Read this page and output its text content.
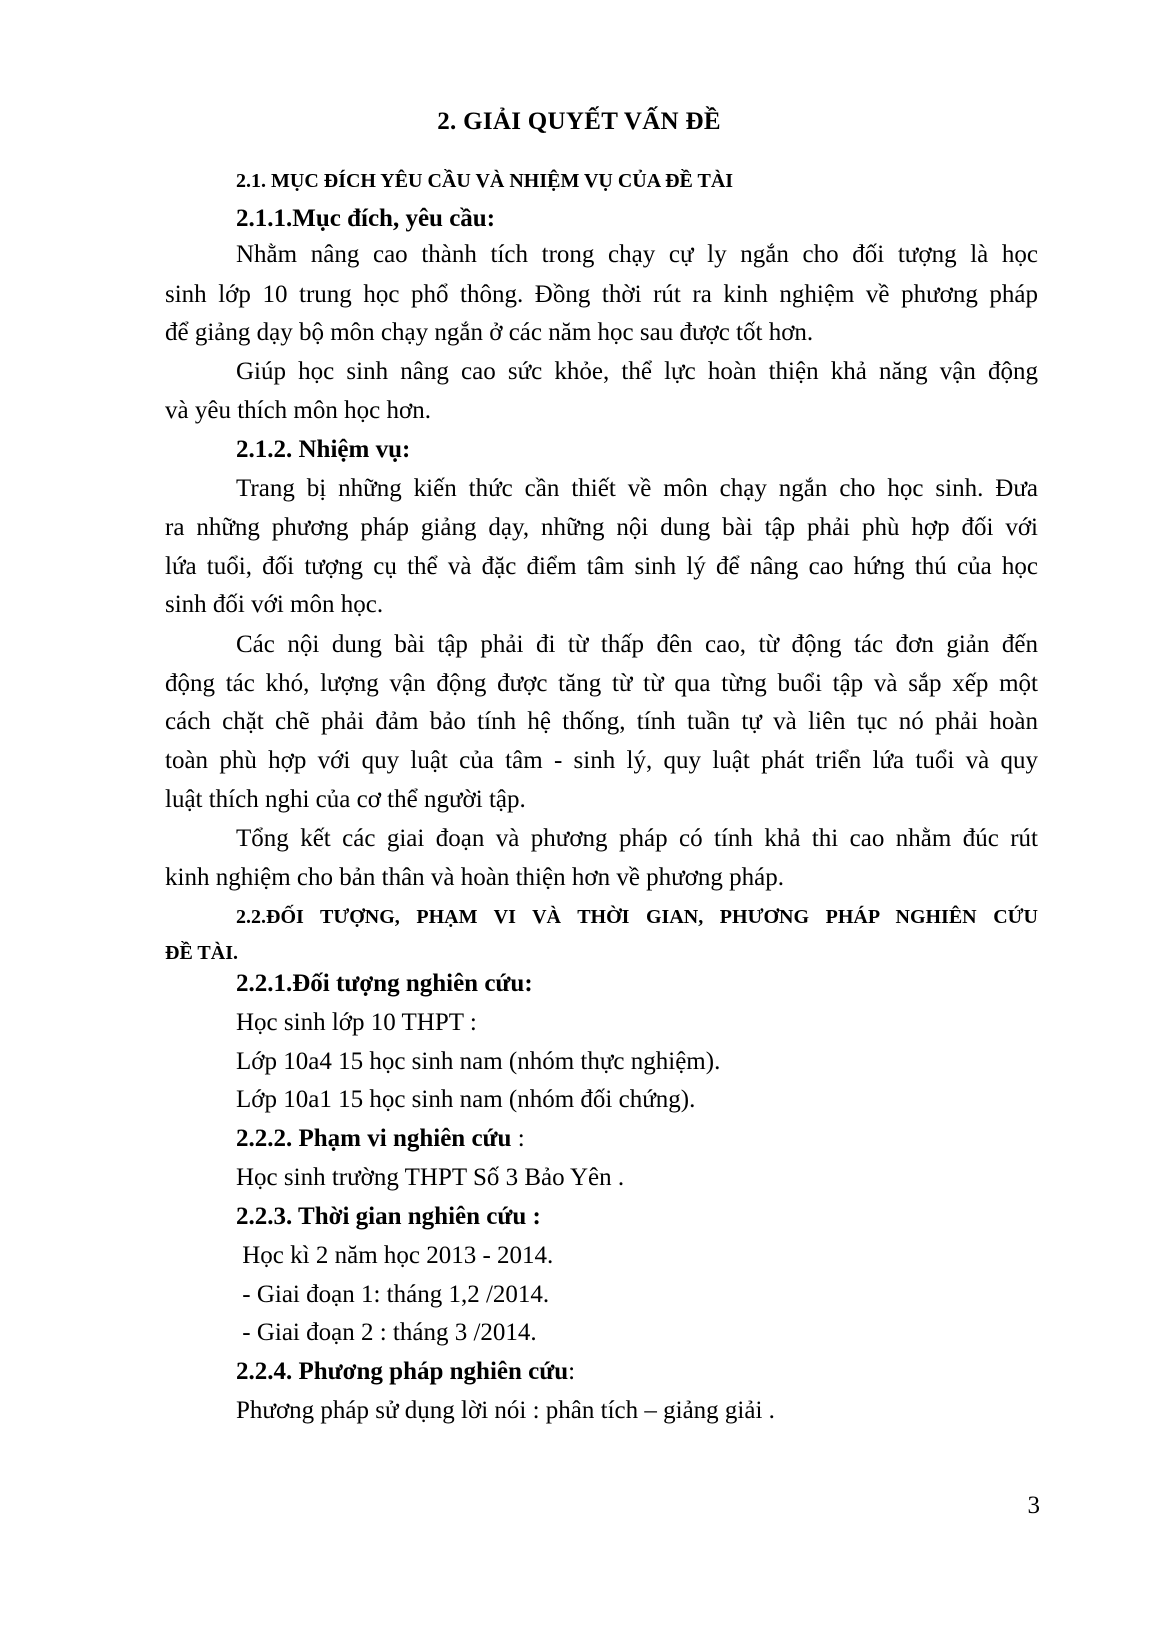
2. GIẢI QUYẾT VẤN ĐỀ
2.1. MỤC ĐÍCH YÊU CẦU VÀ NHIỆM VỤ CỦA ĐỀ TÀI
2.1.1.Mục đích, yêu cầu:
Nhằm nâng cao thành tích trong chạy cự ly ngắn cho đối tượng là học
sinh lớp 10 trung học phổ thông. Đồng thời rút ra kinh nghiệm về phương pháp
để giảng dạy bộ môn chạy ngắn ở các năm học sau được tốt hơn.
Giúp học sinh nâng cao sức khỏe, thể lực hoàn thiện khả năng vận động
và yêu thích môn học hơn.
2.1.2. Nhiệm vụ:
Trang bị những kiến thức cần thiết về môn chạy ngắn cho học sinh. Đưa
ra những phương pháp giảng dạy, những nội dung bài tập phải phù hợp đối với
lứa tuổi, đối tượng cụ thể và đặc điểm tâm sinh lý để nâng cao hứng thú của học
sinh đối với môn học.
Các nội dung bài tập phải đi từ thấp đên cao, từ động tác đơn giản đến
động tác khó, lượng vận động được tăng từ từ qua từng buổi tập và sắp xếp một
cách chặt chẽ phải đảm bảo tính hệ thống, tính tuần tự và liên tục nó phải hoàn
toàn phù hợp với quy luật của tâm - sinh lý, quy luật phát triển lứa tuổi và quy
luật thích nghi của cơ thể người tập.
Tổng kết các giai đoạn và phương pháp có tính khả thi cao nhằm đúc rút
kinh nghiệm cho bản thân và hoàn thiện hơn về phương pháp.
2.2.ĐỐI TƯỢNG, PHẠM VI VÀ THỜI GIAN, PHƯƠNG PHÁP NGHIÊN CỨU
ĐỀ TÀI.
2.2.1.Đối tượng nghiên cứu:
Học sinh lớp 10 THPT :
Lớp 10a4 15 học sinh nam (nhóm thực nghiệm).
Lớp 10a1 15 học sinh nam (nhóm đối chứng).
2.2.2. Phạm vi nghiên cứu :
Học sinh trường THPT Số 3 Bảo Yên .
2.2.3. Thời gian nghiên cứu :
Học kì 2 năm học 2013 - 2014.
- Giai đoạn 1: tháng 1,2 /2014.
- Giai đoạn 2 : tháng 3 /2014.
2.2.4. Phương pháp nghiên cứu:
Phương pháp sử dụng lời nói : phân tích – giảng giải .
3
